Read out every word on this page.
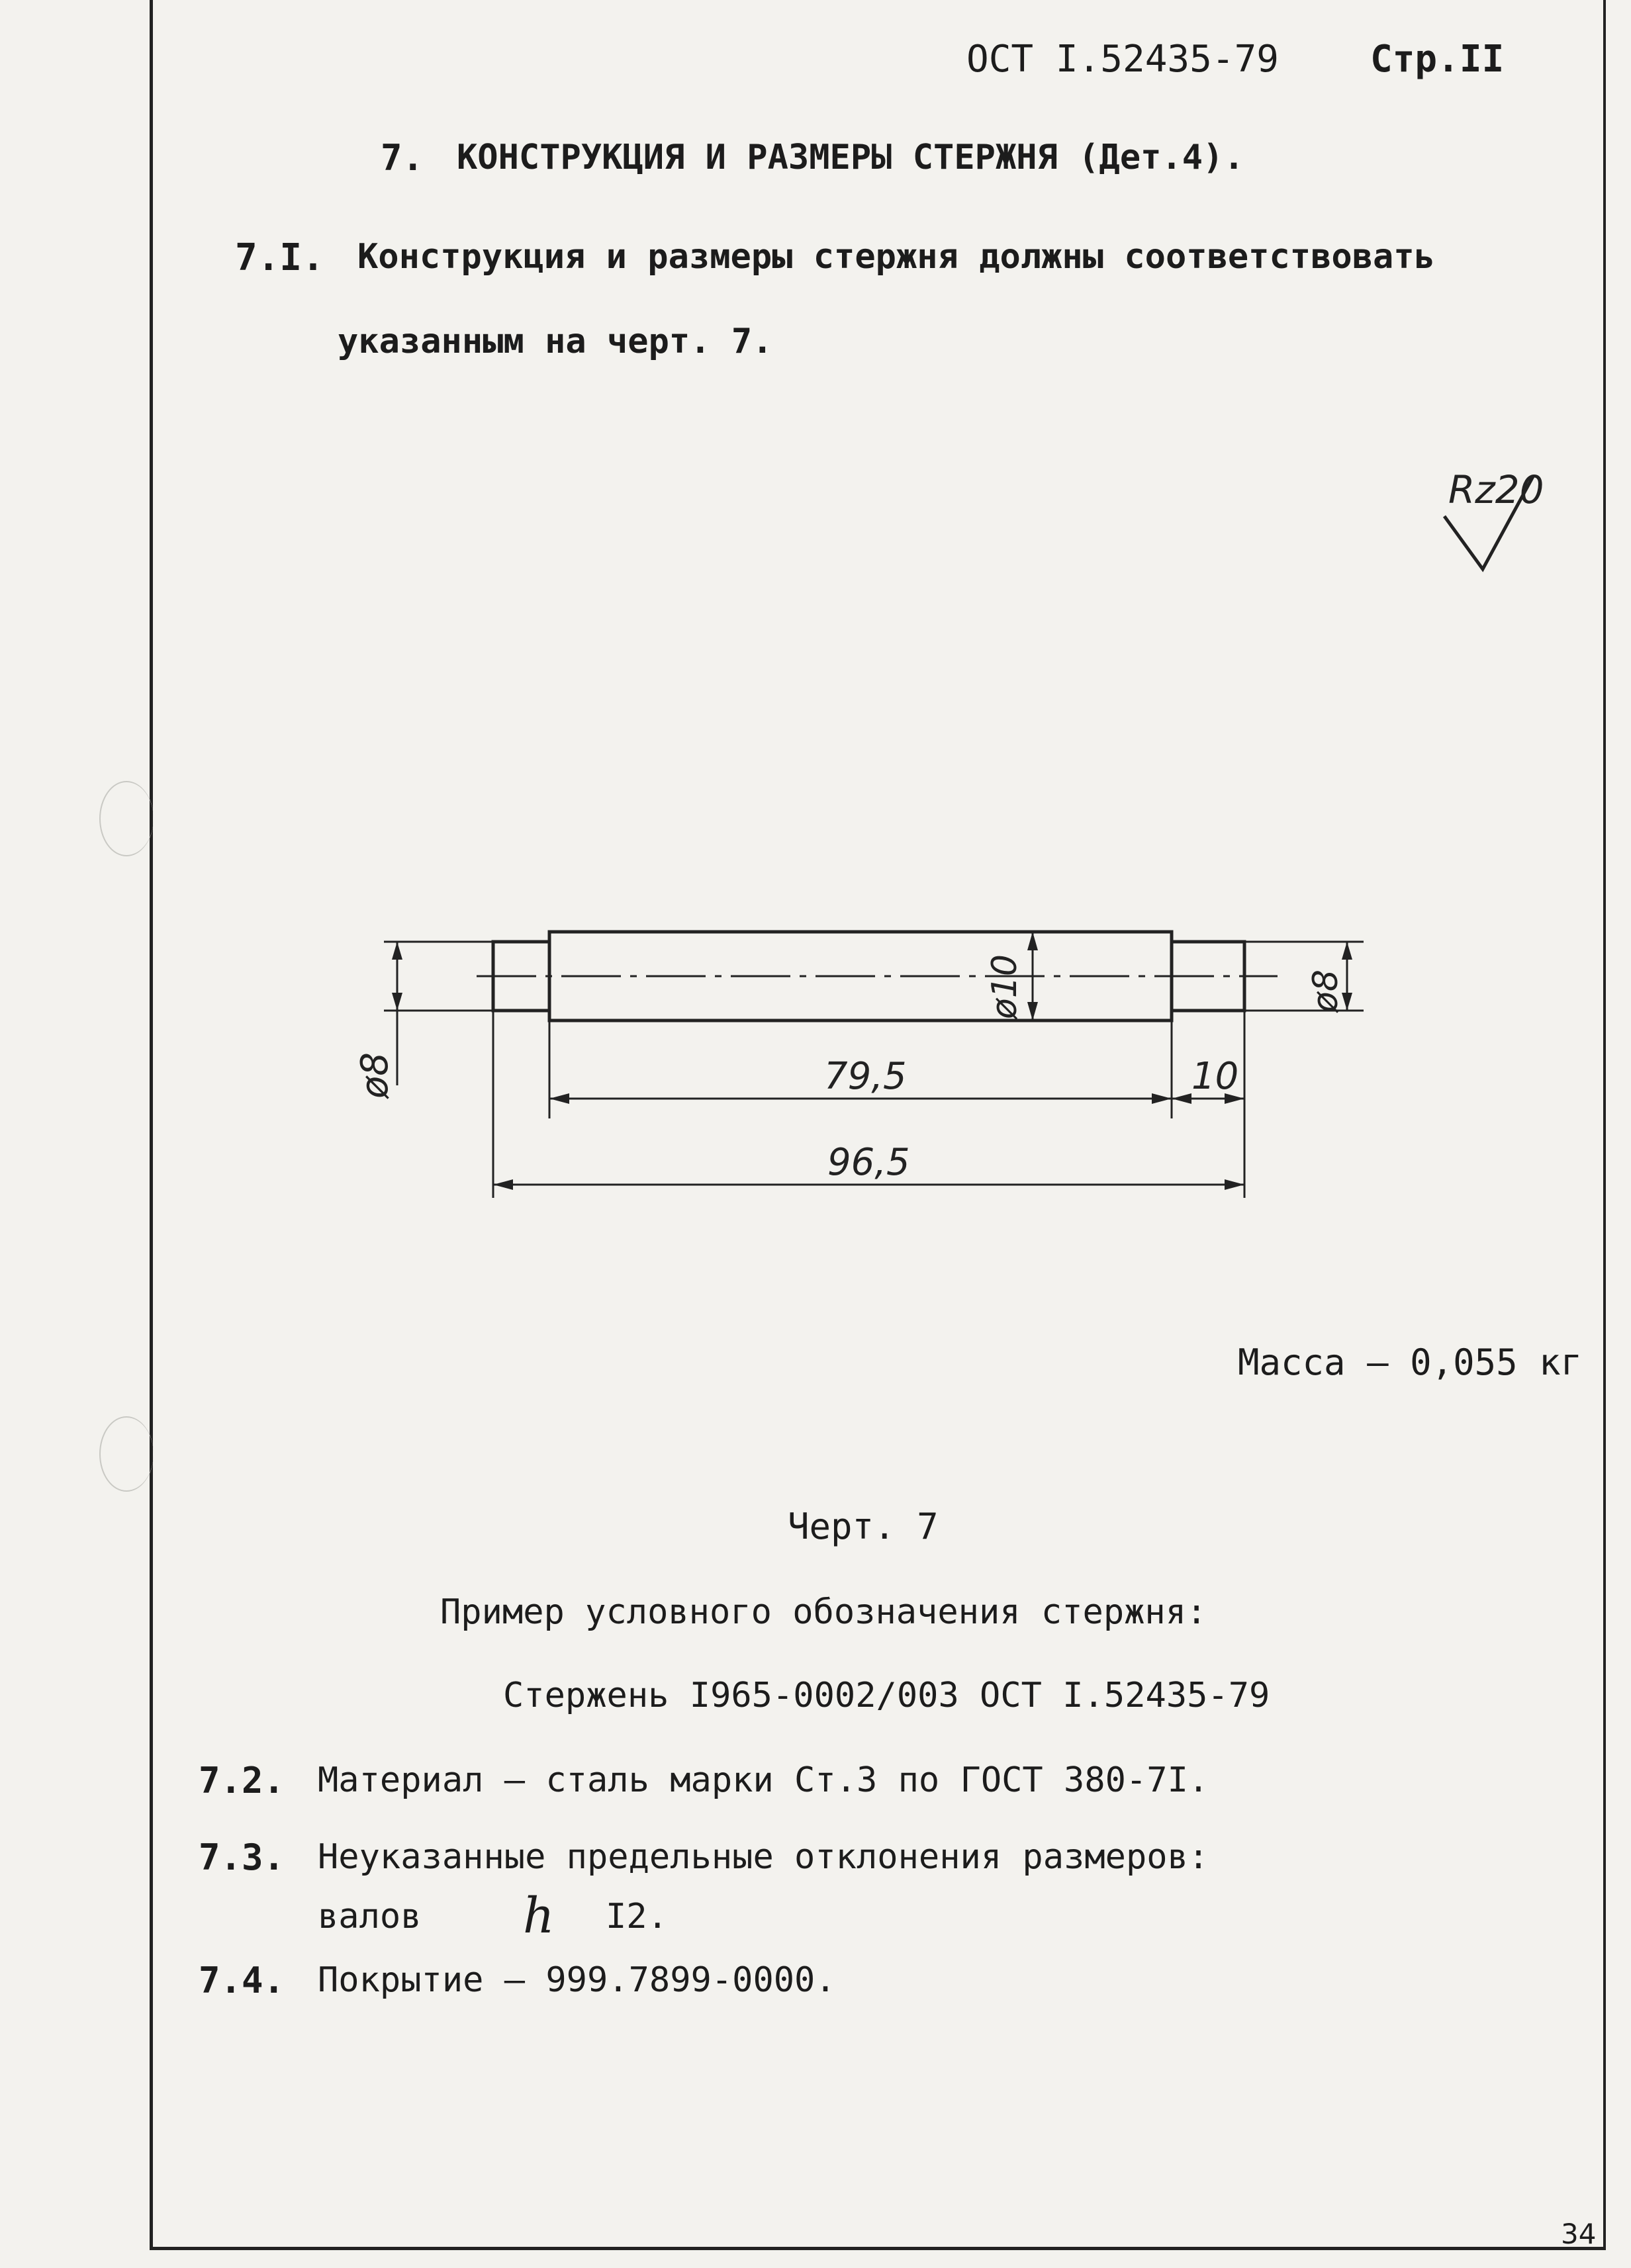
ОСТ I.52435-79 Стр.II
7. КОНСТРУКЦИЯ И РАЗМЕРЫ СТЕРЖНЯ (Дет.4).
7.I. Конструкция и размеры стержня должны соответствовать
указанным на черт. 7.
Rz20
ø8
ø10	ø8
79,5	10
96,5
Масса – 0,055 кг
Черт. 7
Пример условного обозначения стержня:
Стержень I965-0002/003 ОСТ I.52435-79
7.2. Материал – сталь марки Ст.3 по ГОСТ 380-7I.
7.3. Неуказанные предельные отклонения размеров:
валов h I2.
7.4. Покрытие – 999.7899-0000.
34
